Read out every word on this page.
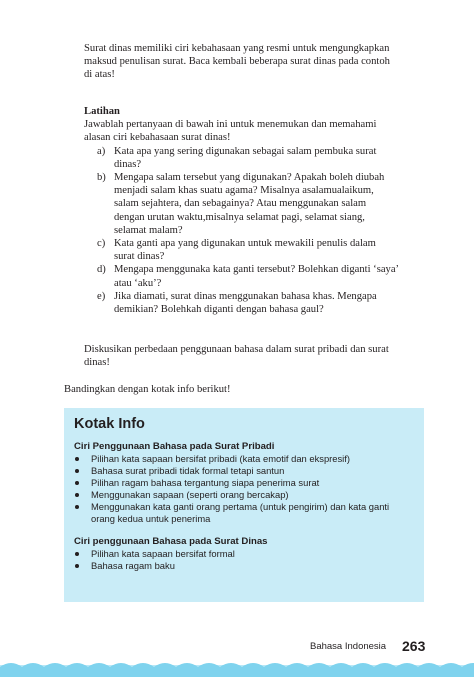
Surat dinas memiliki ciri kebahasaan yang resmi untuk mengungkapkan

maksud penulisan surat. Baca kembali beberapa surat dinas pada contoh

di atas!

Latihan

Jawablah pertanyaan di bawah ini untuk menemukan dan memahami

alasan ciri kebahasaan surat dinas!

a) Kata apa yang sering digunakan sebagai salam pembuka surat

dinas?

b) Mengapa salam tersebut yang digunakan? Apakah boleh diubah

menjadi salam khas suatu agama? Misalnya asalamualaikum,

salam sejahtera, dan sebagainya? Atau menggunakan salam

dengan urutan waktu,misalnya selamat pagi, selamat siang,

selamat malam?

c) Kata ganti apa yang digunakan untuk mewakili penulis dalam

surat dinas?

d) Mengapa menggunaka kata ganti tersebut? Bolehkan diganti ‘saya’

atau ‘aku’?

e) Jika diamati, surat dinas menggunakan bahasa khas. Mengapa

demikian? Bolehkah diganti dengan bahasa gaul?

Diskusikan perbedaan penggunaan bahasa dalam surat pribadi dan surat

dinas!

Bandingkan dengan kotak info berikut!

Kotak Info
Ciri Penggunaan Bahasa pada Surat Pribadi
Pilihan kata sapaan bersifat pribadi (kata emotif dan ekspresif)
Bahasa surat pribadi tidak formal tetapi santun
Pilihan ragam bahasa tergantung siapa penerima surat
Menggunakan sapaan (seperti orang bercakap)
Menggunakan kata ganti orang pertama (untuk pengirim) dan kata ganti
orang kedua untuk penerima
Ciri penggunaan Bahasa pada Surat Dinas
Pilihan kata sapaan bersifat formal
Bahasa ragam baku
Bahasa Indonesia 263
